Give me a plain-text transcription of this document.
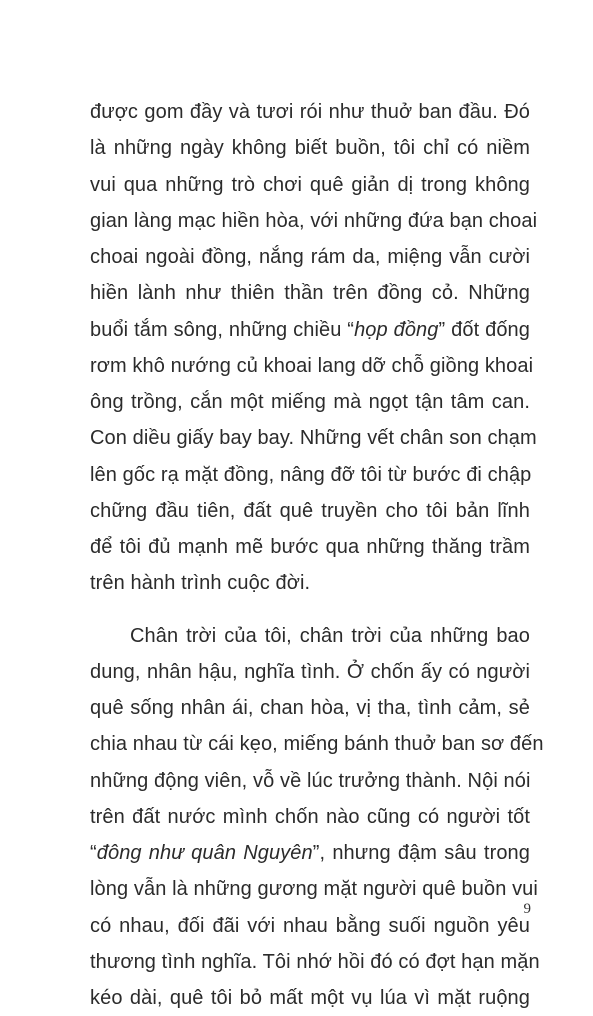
được gom đầy và tươi rói như thuở ban đầu. Đó
là những ngày không biết buồn, tôi chỉ có niềm
vui qua những trò chơi quê giản dị trong không
gian làng mạc hiền hòa, với những đứa bạn choai
choai ngoài đồng, nắng rám da, miệng vẫn cười
hiền lành như thiên thần trên đồng cỏ. Những
buổi tắm sông, những chiều “họp đồng” đốt đống
rơm khô nướng củ khoai lang dỡ chỗ giồng khoai
ông trồng, cắn một miếng mà ngọt tận tâm can.
Con diều giấy bay bay. Những vết chân son chạm
lên gốc rạ mặt đồng, nâng đỡ tôi từ bước đi chập
chững đầu tiên, đất quê truyền cho tôi bản lĩnh
để tôi đủ mạnh mẽ bước qua những thăng trầm
trên hành trình cuộc đời.
Chân trời của tôi, chân trời của những bao
dung, nhân hậu, nghĩa tình. Ở chốn ấy có người
quê sống nhân ái, chan hòa, vị tha, tình cảm, sẻ
chia nhau từ cái kẹo, miếng bánh thuở ban sơ đến
những động viên, vỗ về lúc trưởng thành. Nội nói
trên đất nước mình chốn nào cũng có người tốt
“đông như quân Nguyên”, nhưng đậm sâu trong
lòng vẫn là những gương mặt người quê buồn vui
có nhau, đối đãi với nhau bằng suối nguồn yêu
thương tình nghĩa. Tôi nhớ hồi đó có đợt hạn mặn
kéo dài, quê tôi bỏ mất một vụ lúa vì mặt ruộng
9
